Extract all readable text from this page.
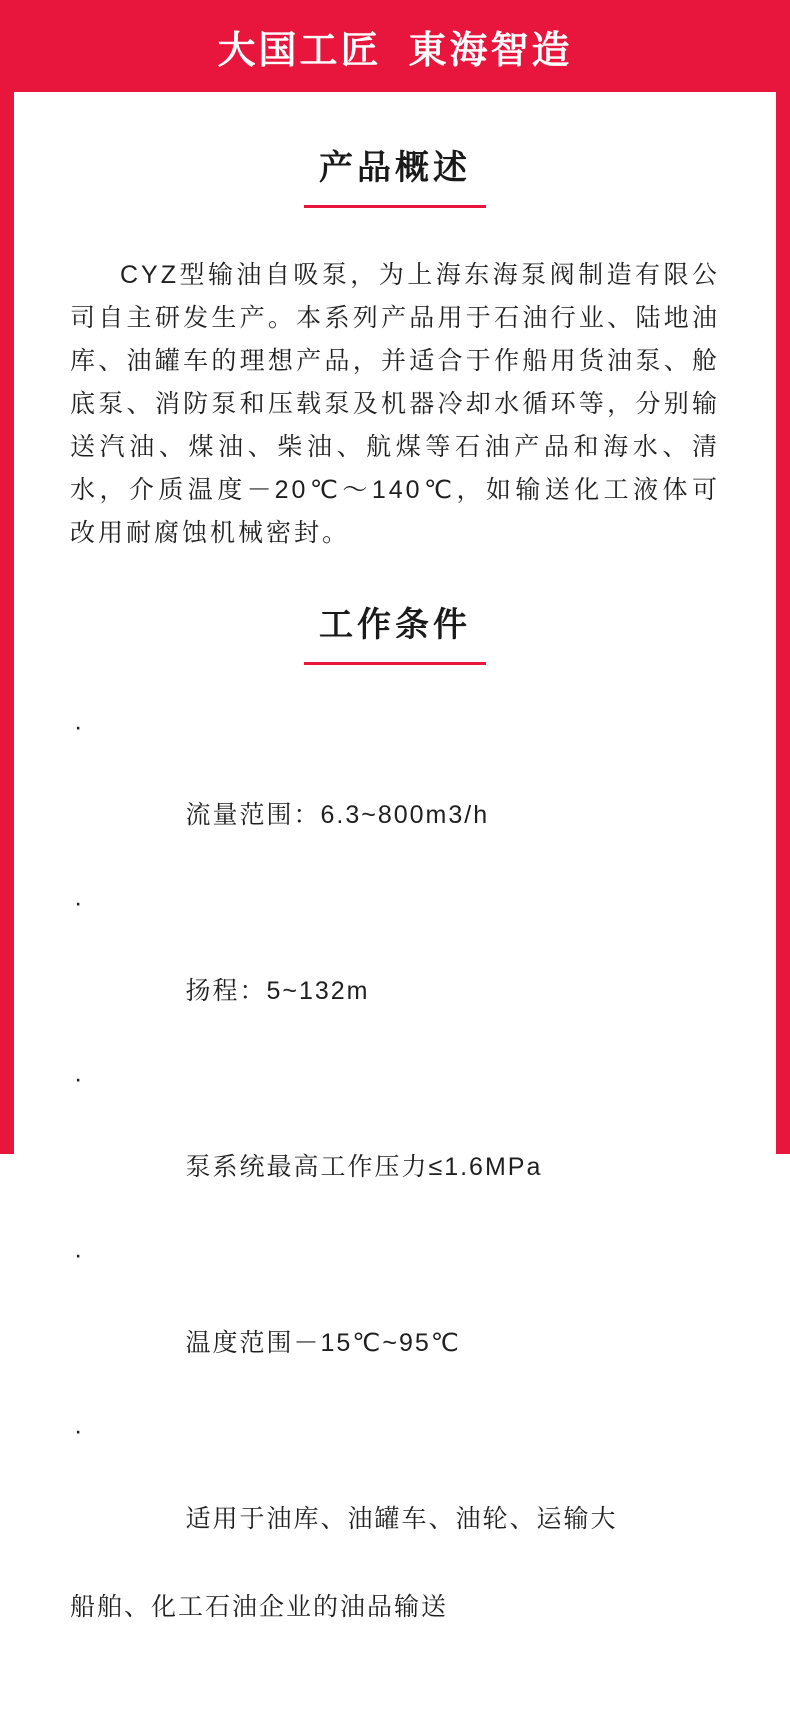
大国工匠  東海智造
产品概述

CYZ型输油自吸泵，为上海东海泵阀制造有限公司自主研发生产。本系列产品用于石油行业、陆地油库、油罐车的理想产品，并适合于作船用货油泵、舱底泵、消防泵和压载泵及机器冷却水循环等，分别输送汽油、煤油、柴油、航煤等石油产品和海水、清水，介质温度－20℃～140℃，如输送化工液体可改用耐腐蚀机械密封。

工作条件

·

流量范围：6.3~800m3/h

·

扬程：5~132m

·

泵系统最高工作压力≤1.6MPa

·

温度范围－15℃~95℃

·

适用于油库、油罐车、油轮、运输大

船舶、化工石油企业的油品输送
